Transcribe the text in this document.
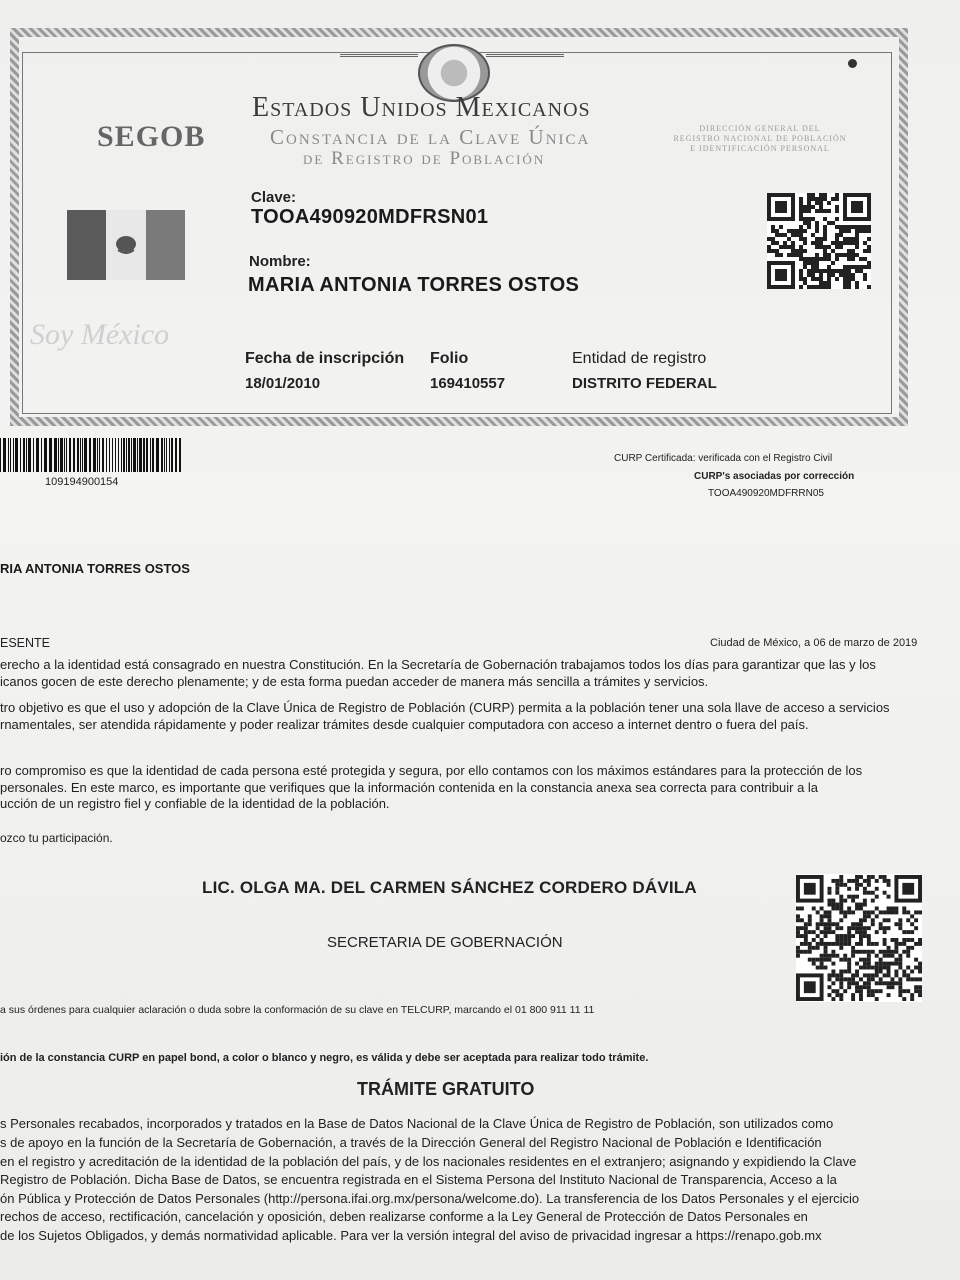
Estados Unidos Mexicanos
Constancia de la Clave Única
de Registro de Población
SEGOB	DIRECCIÓN GENERAL DEL
REGISTRO NACIONAL DE POBLACIÓN
E IDENTIFICACIÓN PERSONAL
Soy México
Clave:
TOOA490920MDFRSN01
Nombre:
MARIA ANTONIA TORRES OSTOS
Fecha de inscripción
18/01/2010
Folio
169410557
Entidad de registro
DISTRITO FEDERAL
109194900154
CURP Certificada: verificada con el Registro Civil
CURP's asociadas por corrección
TOOA490920MDFRRN05
RIA ANTONIA TORRES OSTOS
ESENTE	Ciudad de México, a 06 de marzo de 2019
erecho a la identidad está consagrado en nuestra Constitución. En la Secretaría de Gobernación trabajamos todos los días para garantizar que las y los
icanos gocen de este derecho plenamente; y de esta forma puedan acceder de manera más sencilla a trámites y servicios.
tro objetivo es que el uso y adopción de la Clave Única de Registro de Población (CURP) permita a la población tener una sola llave de acceso a servicios
rnamentales, ser atendida rápidamente y poder realizar trámites desde cualquier computadora con acceso a internet dentro o fuera del país.
ro compromiso es que la identidad de cada persona esté protegida y segura, por ello contamos con los máximos estándares para la protección de los
personales. En este marco, es importante que verifiques que la información contenida en la constancia anexa sea correcta para contribuir a la
ucción de un registro fiel y confiable de la identidad de la población.
ozco tu participación.
LIC. OLGA MA. DEL CARMEN SÁNCHEZ CORDERO DÁVILA
SECRETARIA DE GOBERNACIÓN
a sus órdenes para cualquier aclaración o duda sobre la conformación de su clave en TELCURP, marcando el 01 800 911 11 11
ión de la constancia CURP en papel bond, a color o blanco y negro, es válida y debe ser aceptada para realizar todo trámite.
TRÁMITE GRATUITO
s Personales recabados, incorporados y tratados en la Base de Datos Nacional de la Clave Única de Registro de Población, son utilizados como
s de apoyo en la función de la Secretaría de Gobernación, a través de la Dirección General del Registro Nacional de Población e Identificación
en el registro y acreditación de la identidad de la población del país, y de los nacionales residentes en el extranjero; asignando y expidiendo la Clave
Registro de Población. Dicha Base de Datos, se encuentra registrada en el Sistema Persona del Instituto Nacional de Transparencia, Acceso a la
ón Pública y Protección de Datos Personales (http://persona.ifai.org.mx/persona/welcome.do). La transferencia de los Datos Personales y el ejercicio
rechos de acceso, rectificación, cancelación y oposición, deben realizarse conforme a la Ley General de Protección de Datos Personales en
de los Sujetos Obligados, y demás normatividad aplicable. Para ver la versión integral del aviso de privacidad ingresar a https://renapo.gob.mx
